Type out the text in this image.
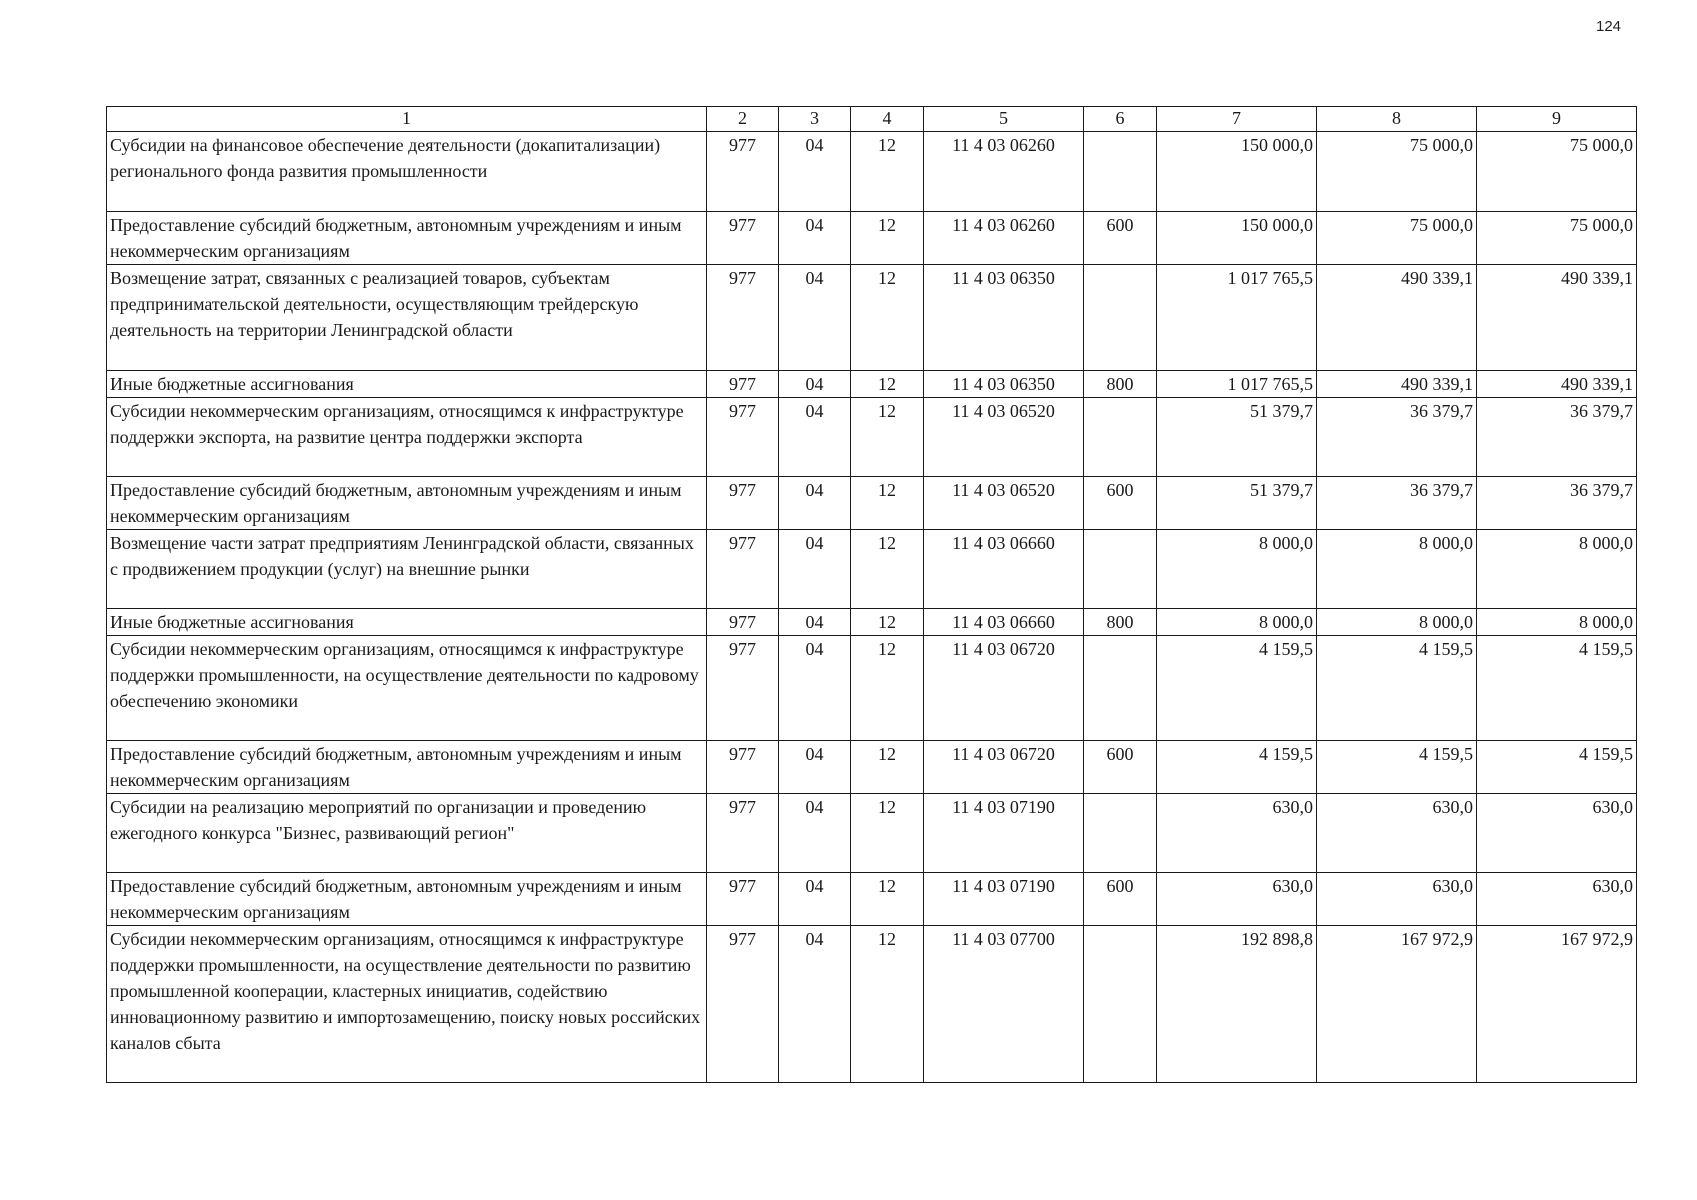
124
1	2	3	4	5	6	7	8	9
Субсидии на финансовое обеспечение деятельности (докапитализации) регионального фонда развития промышленности	977	04	12	11 4 03 06260		150 000,0	75 000,0	75 000,0
Предоставление субсидий бюджетным, автономным учреждениям и иным некоммерческим организациям	977	04	12	11 4 03 06260	600	150 000,0	75 000,0	75 000,0
Возмещение затрат, связанных с реализацией товаров, субъектам предпринимательской деятельности, осуществляющим трейдерскую деятельность на территории Ленинградской области	977	04	12	11 4 03 06350		1 017 765,5	490 339,1	490 339,1
Иные бюджетные ассигнования	977	04	12	11 4 03 06350	800	1 017 765,5	490 339,1	490 339,1
Субсидии некоммерческим организациям, относящимся к инфраструктуре поддержки экспорта, на развитие центра поддержки экспорта	977	04	12	11 4 03 06520		51 379,7	36 379,7	36 379,7
Предоставление субсидий бюджетным, автономным учреждениям и иным некоммерческим организациям	977	04	12	11 4 03 06520	600	51 379,7	36 379,7	36 379,7
Возмещение части затрат предприятиям Ленинградской области, связанных с продвижением продукции (услуг) на внешние рынки	977	04	12	11 4 03 06660		8 000,0	8 000,0	8 000,0
Иные бюджетные ассигнования	977	04	12	11 4 03 06660	800	8 000,0	8 000,0	8 000,0
Субсидии некоммерческим организациям, относящимся к инфраструктуре поддержки промышленности, на осуществление деятельности по кадровому обеспечению экономики	977	04	12	11 4 03 06720		4 159,5	4 159,5	4 159,5
Предоставление субсидий бюджетным, автономным учреждениям и иным некоммерческим организациям	977	04	12	11 4 03 06720	600	4 159,5	4 159,5	4 159,5
Субсидии на реализацию мероприятий по организации и проведению ежегодного конкурса "Бизнес, развивающий регион"	977	04	12	11 4 03 07190		630,0	630,0	630,0
Предоставление субсидий бюджетным, автономным учреждениям и иным некоммерческим организациям	977	04	12	11 4 03 07190	600	630,0	630,0	630,0
Субсидии некоммерческим организациям, относящимся к инфраструктуре поддержки промышленности, на осуществление деятельности по развитию промышленной кооперации, кластерных инициатив, содействию инновационному развитию и импортозамещению, поиску новых российских каналов сбыта	977	04	12	11 4 03 07700		192 898,8	167 972,9	167 972,9
